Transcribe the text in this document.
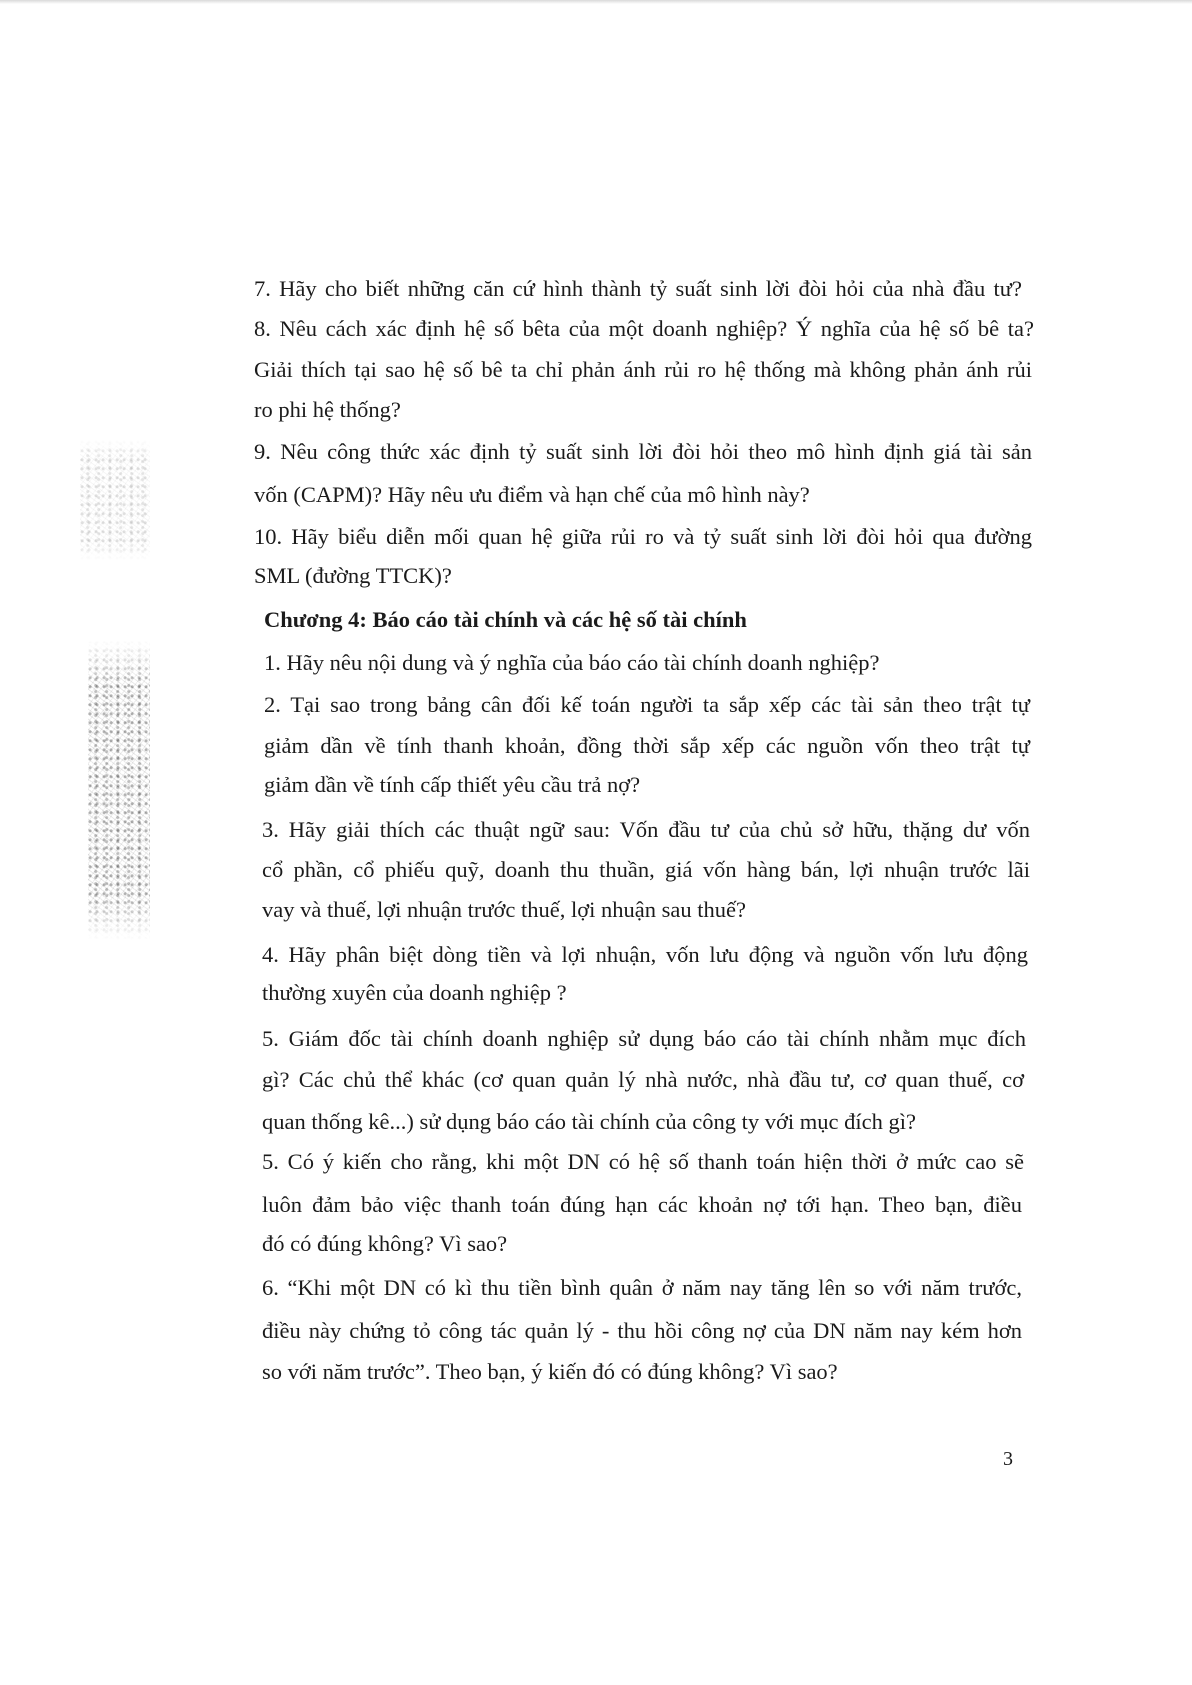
7. Hãy cho biết những căn cứ hình thành tỷ suất sinh lời đòi hỏi của nhà đầu tư?

8. Nêu cách xác định hệ số bêta của một doanh nghiệp? Ý nghĩa của hệ số bê ta?

Giải thích tại sao hệ số bê ta chỉ phản ánh rủi ro hệ thống mà không phản ánh rủi

ro phi hệ thống?

9. Nêu công thức xác định tỷ suất sinh lời đòi hỏi theo mô hình định giá tài sản

vốn (CAPM)? Hãy nêu ưu điểm và hạn chế của mô hình này?

10. Hãy biểu diễn mối quan hệ giữa rủi ro và tỷ suất sinh lời đòi hỏi qua đường

SML (đường TTCK)?

Chương 4: Báo cáo tài chính và các hệ số tài chính

1. Hãy nêu nội dung và ý nghĩa của báo cáo tài chính doanh nghiệp?

2. Tại sao trong bảng cân đối kế toán người ta sắp xếp các tài sản theo trật tự

giảm dần về tính thanh khoản, đồng thời sắp xếp các nguồn vốn theo trật tự

giảm dần về tính cấp thiết yêu cầu trả nợ?

3. Hãy giải thích các thuật ngữ sau: Vốn đầu tư của chủ sở hữu, thặng dư vốn

cổ phần, cổ phiếu quỹ, doanh thu thuần, giá vốn hàng bán, lợi nhuận trước lãi

vay và thuế, lợi nhuận trước thuế, lợi nhuận sau thuế?

4. Hãy phân biệt dòng tiền và lợi nhuận, vốn lưu động và nguồn vốn lưu động

thường xuyên của doanh nghiệp ?

5. Giám đốc tài chính doanh nghiệp sử dụng báo cáo tài chính nhằm mục đích

gì? Các chủ thể khác (cơ quan quản lý nhà nước, nhà đầu tư, cơ quan thuế, cơ

quan thống kê...) sử dụng báo cáo tài chính của công ty với mục đích gì?

5. Có ý kiến cho rằng, khi một DN có hệ số thanh toán hiện thời ở mức cao sẽ

luôn đảm bảo việc thanh toán đúng hạn các khoản nợ tới hạn. Theo bạn, điều

đó có đúng không? Vì sao?

6. “Khi một DN có kì thu tiền bình quân ở năm nay tăng lên so với năm trước,

điều này chứng tỏ công tác quản lý - thu hồi công nợ của DN năm nay kém hơn

so với năm trước”. Theo bạn, ý kiến đó có đúng không? Vì sao?

3
